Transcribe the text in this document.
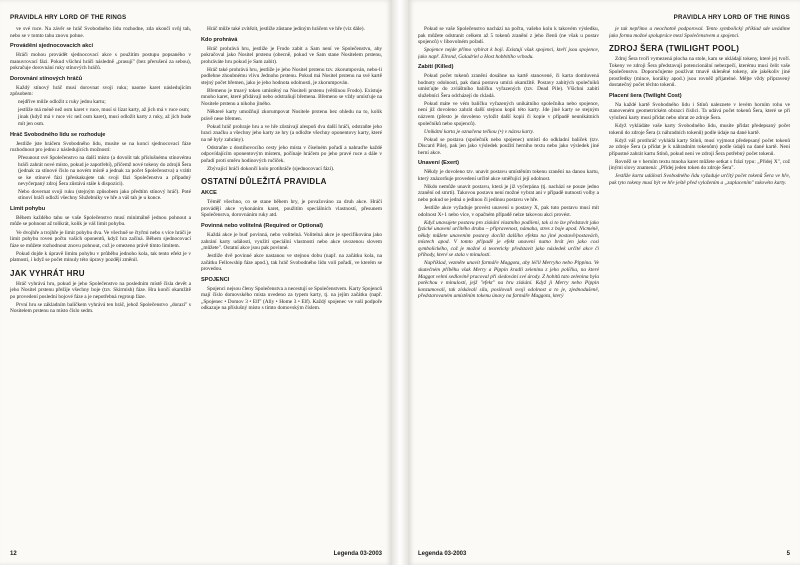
PRAVIDLA HRY LORD OF THE RINGS

ve své ruce. Na závěr se hráč Svobodného lidu rozhodne, zda ukončí svůj tah, nebo se v tomto tahu znovu pohne.

Provádění sjednocovacích akcí

Hráči mohou provádět sjednocovací akce s použitím postupu popsaného v manuvrovací fázi. Pokud všichni hráči následně „prasují" (bez přerušení za sebou), pokračuje dorovnání ruky stínových hráčů.

Dorovnání stínových hráčů

Každý stínový hráč musí dorovnat svoji ruku; naome karet následujícím způsobem:

• nejdříve může odložit z ruky jednu kartu;
• jestliže má méně než osm karet v ruce, musí si lízat karty, až jich má v ruce osm;
• jinak (když má v ruce víc než osm karet), musí odložit karty z ruky, až jich bude mít jen osm.
Hráč Svobodného lidu se rozhoduje

Jestliže jste hráčem Svobodného lidu, musíte se na konci sjednocovací fáze rozhodnout pro jednu z následujících možností:

• Přesunout své Společenstvo na další místo (a dovolit tak příslušnému stínovému hráči zahrát nové místo, pokud je zapotřebí), přičemž nové tokeny do zdrojů Šera (jednak za stínové číslo na novém místě a jednak za počet Společenstva) a vrátit se ke stínové fázi (přeskakujete tak svoji fázi Společenstva a případný nevyčerpaný zdroj Šera zůstává stále k dispozici).
• Nebo dovernat svoji ruku (stejným způsobem jako předtím stínový hráč). Poté stínoví hráči odloží všechny Služebníky ve hře a váš tah je u konce.
Limit pohybu

Během každého tahu se vaše Společenstvo musí minimálně jednou pohnout a může se pohnout až tolikrát, kolik je váš limit pohybu.

Ve dvojhře a trojhře je limit pohybu dva. Ve všechně se čtyřmi nebo s více hráči je limit pohybu roven počtu vašich oponentů, když hra začíná. Během sjednocovací fáze se můžete rozhodnout znovu pohnout, což je omezeno právě tímto limitem.

Pokud dojde k úpravě limitu pohybu v průběhu jednoho kola, tak tento efekt je v platnosti, i když se počet minuly této úpravy později změnil.

JAK VYHRÁT HRU

Hráč vyhrává hru, pokud je jeho Společenstvo na posledním místě čísla devět a jeho Nositel prstenu přežije všechny boje (tzv. Skirmish) fáze. Hra končí okamžitě po provedení poslední bojové fáze a je nepotřebná regroup fáze.

První hru se základním balíčkem vyhrává ten hráč, jehož Společenstvo „dorazí" s Nositelem prstenu na místo číslo sedm.

Hráč může také zvítězit, jestliže zůstane jediným hráčem ve hře (viz dále).

Kdo prohrává

Hráč prohrává hru, jestliže je Frodo zabit a Sam není ve Společenstvu, aby pokračoval jako Nositel prstenu (obecně, pokud ve Sam stane Nositelem prstenu, prohráváte hru pokud je Sam zabit).

Hráč také prohrává hru, jestliže je jeho Nositel prstenu tzv. zkorumpován, nebo-li podlehne zhoubnému vlivu Jednoho prstenu. Pokud má Nositel prstenu na své kartě stejný počet břemen, jako je jeho hodnota odolnosti, je zkorumpován.

Břemeno je tmavý token umístěný na Nositeli prstenu (většinou Frodo). Existuje mnoho karet, které přidávají nebo odstraňují břemena. Břemeno se vždy umísťuje na Nositele prstenu a nikoho jiného.

Některé karty umožňují zkorumpovat Nositele prstenu bez ohledu na to, kolik právě nese břemen.

Pokud hráč prohraje hru a ve hře zůstávají alespoň dva další hráči, odstraňte jeho hraci značku a všechny jeho karty ze hry (a odložte všechny oponentovy karty, které na ně byly zahrány).

Odstraňte z dostihovocího cesty jeho místa v číselném pořadí a nahraďte každé odpovídajícím oponentovým místem, počínaje hráčem po jeho pravé ruce a dále v pořadí proti směru hodinových ručiček.

Zbývající hráči dokončí kolo protihráče (sjednocovací fázi).

OSTATNÍ DŮLEŽITÁ PRAVIDLA
AKCE

Téměř všechno, co se stane během hry, je považováno za druh akce. Hráči provádějí akce vykonáním karet, použitím speciálních vlastností, přesunem Společenstva, dorovnáním ruky atd.

Povinná nebo volitelná (Required or Optional)

Každá akce je buď povinná, nebo volitelná. Volitelná akce je specifikována jako zahrání karty události, využití speciální vlastnosti nebo akce uvozenou slovem „můžete". Ostatní akce jsou pak povinné.

Jestliže dvě povinné akce nastanou ve stejnou dobu (např. na začátku kola, na začátku Fellowship fáze apod.), tak hráč Svobodného lidu volí pořadí, ve kterém se provedou.

SPOJENCI

Spojenci nejsou členy Společenstva a necestují se Společenstvem. Karty Spojenců mají číslo domovského místa uvedeno za typem karty, tj. na jejím začátku (např. „Spojenec • Domov 3 • Elf" (Ally • Home 3 • Elf). Každý spojenec ve vaší podpoře odkazuje na příslušný místo s tímto domovským číslem.

12	Legenda 03-2003
PRAVIDLA HRY LORD OF THE RINGS

Pokud se vaše Společenstvo nachází na počtu, vašeho kolu k takovém výsledku, pak můžete odstranit celkem až 5 tokenů zranění z jeho členů (ne však u postav spojenců) v libovolném pořadí.

Spojence nejde přímo vybírat k boji. Existují však spojenci, kteří jsou spojence, jako např. Elrond, Galadriel a Host hobbitího vchodu.

Zabití (Killed)

Pokud počet tokenů zranění dosáhne na kartě stanovené, či karta domluvená hodnoty odolnosti, pak daná postava umírá okamžitě. Postavy zabitých společníků umísťujte do zvláštního balíčku vyřazených (tzv. Dead Pile). Všichni zabití služebníci Šera odcházejí do ckladá.

Pokud máte ve vém balíčku vyřazených unikátního společníka nebo spojence, není již dovoleno zahrát další stejnou kopii této karty. Jde jiné karty se stejným názvem (přesto je dovoleno vyložit další kopii či kopie v případě neunikátních společníků nebo spojenců).

Unikátní karta je označena tečkou (•) v názvu karty.

Pokud se postava (společník nebo spojenec) umístí do odkladní balíček (tzv. Discard Pile), pak jen jako výsledek použití herního textu nebo jako výsledek jiné herní akce.

Unavení (Exert)

Někdy je dovoleno tzv. unavit postavu umístěním tokenu zranění na danou kartu, který znázorňuje provedení určité akce směřující její odolnost.

Nikdo nemůže unavit postavu, která je již vyčerpána (tj. nachází se pouze jedno zranění od smrti). Takovou postavu není možné vybrat ani v případě nutnosti volby a nebo pokud se jedná o jedinou či jedinou postavu ve hře.

Jestliže akce vyžaduje provést unavení u postavy X, pak tuto postavu musí mít odolnost X+1 nebo více, v opačném případě nelze takovou akci provést.

Když unavujete postavu pro získání vlastního podílení, tak si to lze představit jako fyzické unavení určitého druhu – připravenost, námaha, stres z boje apod. Nicméně, někdy můžete unavením postavy docílit dalšího efektu na jiné postavě/postavách, místech apod. V tomto případě je efekt unavení nutno brát jen jako cosi symbolického, což je možné si teoreticky představit jako následek určité akce či příhody, které se stala v minulosti.

Například, vezměte unavit farmáře Maggota, aby léčil Merryho nebo Pippina. Ve skutečném příběhu však Merry a Pippin kradli zeleninu z jeho políčka, na které Maggot velmi sedlovině pracoval při sledování své úrody. Z hobitů tato zelenina byla potěchou v minulosti, jejž "efekt" na hru získání. Když ji Merry nebo Pippin konzumovali, tak získávali sílu, posilovali svoji odolnost a to je, zjednodušeně, předstarovaném umístěním tokenu únavy na farmáře Maggota, který

je tak nepřímo a neochotně podporoval. Tento symbolický příklad sde uvádíme jako formu možné spolupráce mezi Společenstvem a spojenci.

ZDROJ ŠERA (TWILIGHT POOL)

Zdroj Šera tvoří vymezená plocha na stole, kam se ukládají tokeny, které jej tvoří. Tokeny ve zdroji Šera představují potencionální nebezpečí, kterému musí čelit vaše Společenstvo. Doporučujeme používat tmavě skleněné tokeny, ale jakékoliv jiné prostředky (mince, korálky apod.) jsou rovněž přijatelné. Mějte vždy připravený dostatečný počet těchto tokenů.

Placení šera (Twilight Cost)

Na každé kartě Svobodného lidu i Stínů naleznete v levém horním rohu ve stanoveném geometrickém obrazci číslici. Ta udává počet tokenů Šera, které se při vyložení karty musí přidat nebo ubrat ze zdroje Šera.

Když vykládáte vaše karty Svobodného lidu, musíte přidat předepsaný počet tokenů do zdroje Šera (z náhradních tokenů) podle údaje na dané kartě.

Když váš protihráč vykládá karty Stínů, musí vyjmout předepsaný počet tokenů ze zdroje Šera (a přidat je k náhradním tokenům) podle údajů na dané kartě. Není přípustné zahrát kartu Stínů, pokud není ve zdroji Šera potřebný počet tokenů.

Rovněž se v herním textu mnoha karet můžete setkat s frází typu: „Přidej X", což jinými slovy znamená: „Přidej jeden token do zdroje Šera".

Jestliže karta události Svobodného lidu vyžaduje určitý počet tokenů Šera ve hře, pak tyto tokeny musí být ve hře ještě před vyložením a „zaplacením" takovéto karty.

Legenda 03-2003	5
